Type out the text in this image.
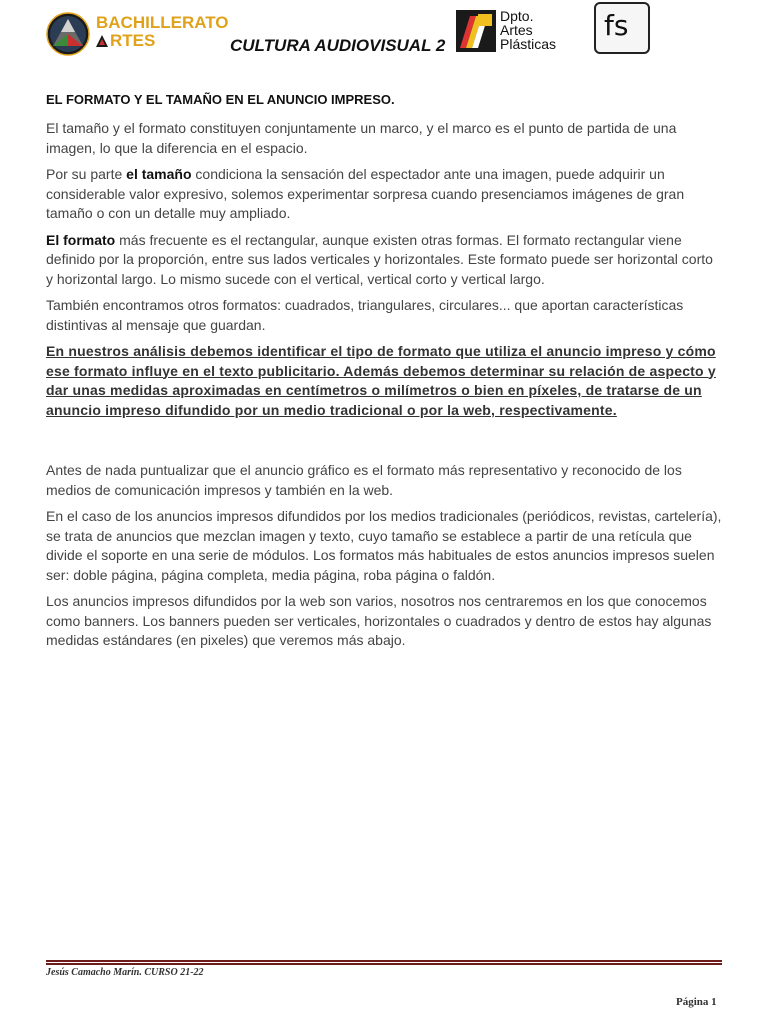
BACHILLERATO
RTES	CULTURA AUDIOVISUAL 2
Dpto.
Artes
Plásticas
fs
EL FORMATO Y EL TAMAÑO EN EL ANUNCIO IMPRESO.

El tamaño y el formato constituyen conjuntamente un marco, y el marco es el punto de partida de una imagen, lo que la diferencia en el espacio.

Por su parte el tamaño condiciona la sensación del espectador ante una imagen, puede adquirir un considerable valor expresivo, solemos experimentar sorpresa cuando presenciamos imágenes de gran tamaño o con un detalle muy ampliado.

El formato más frecuente es el rectangular, aunque existen otras formas. El formato rectangular viene definido por la proporción, entre sus lados verticales y horizontales. Este formato puede ser horizontal corto y horizontal largo. Lo mismo sucede con el vertical, vertical corto y vertical largo.

También encontramos otros formatos: cuadrados, triangulares, circulares... que aportan características distintivas al mensaje que guardan.

En nuestros análisis debemos identificar el tipo de formato que utiliza el anuncio impreso y cómo ese formato influye en el texto publicitario. Además debemos determinar su relación de aspecto y dar unas medidas aproximadas en centímetros o milímetros o bien en píxeles, de tratarse de un anuncio impreso difundido por un medio tradicional o por la web, respectivamente.

Antes de nada puntualizar que el anuncio gráfico es el formato más representativo y reconocido de los medios de comunicación impresos y también en la web.

En el caso de los anuncios impresos difundidos por los medios tradicionales (periódicos, revistas, cartelería), se trata de anuncios que mezclan imagen y texto, cuyo tamaño se establece a partir de una retícula que divide el soporte en una serie de módulos. Los formatos más habituales de estos anuncios impresos suelen ser: doble página, página completa, media página, roba página o faldón.

Los anuncios impresos difundidos por la web son varios, nosotros nos centraremos en los que conocemos como banners. Los banners pueden ser verticales, horizontales o cuadrados y dentro de estos hay algunas medidas estándares (en pixeles) que veremos más abajo.

Jesús Camacho Marín. CURSO 21-22
Página 1
